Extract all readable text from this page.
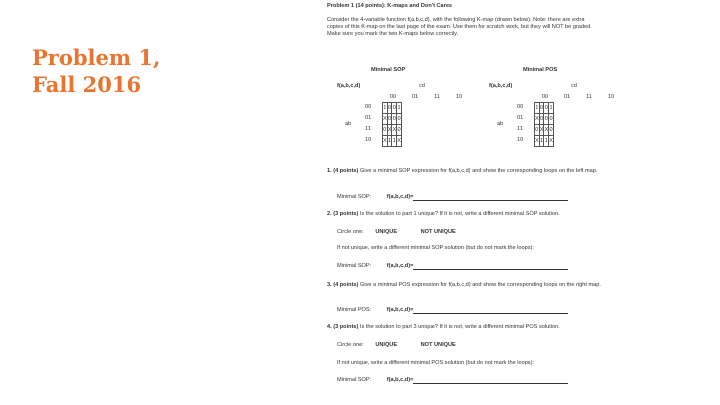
Problem 1,
Fall 2016
Problem 1 (14 points): K-maps and Don't Cares
Consider the 4-variable function f(a,b,c,d), with the following K-map (drawn below). Note: there are extra copies of this K-map on the last page of the exam. Use them for scratch work, but they will NOT be graded. Make sure you mark the two K-maps below correctly.
Minimal SOP	Minimal POS
f(a,b,c,d)	cd
00	01	11	10
ab
00
01
11
10
1	0	0	1
X	0	0	0
0	X	X	0
X	1	1	X
f(a,b,c,d)	cd
00	01	11	10
ab
00
01
11
10
1	0	0	1
X	0	0	0
0	X	X	0
X	1	1	X
1. (4 points) Give a minimal SOP expression for f(a,b,c,d) and show the corresponding loops on the left map.
Minimal SOP:	f(a,b,c,d)=
2. (3 points) Is the solution to part 1 unique? If it is not, write a different minimal SOP solution.
Circle one: UNIQUE	NOT UNIQUE
If not unique, write a different minimal SOP solution (but do not mark the loops):
Minimal SOP:	f(a,b,c,d)=
3. (4 points) Give a minimal POS expression for f(a,b,c,d) and show the corresponding loops on the right map.
Minimal POS:	f(a,b,c,d)=
4. (3 points) Is the solution to part 3 unique? If it is not, write a different minimal POS solution.
Circle one: UNIQUE	NOT UNIQUE
If not unique, write a different minimal POS solution (but do not mark the loops):
Minimal SOP:	f(a,b,c,d)=
